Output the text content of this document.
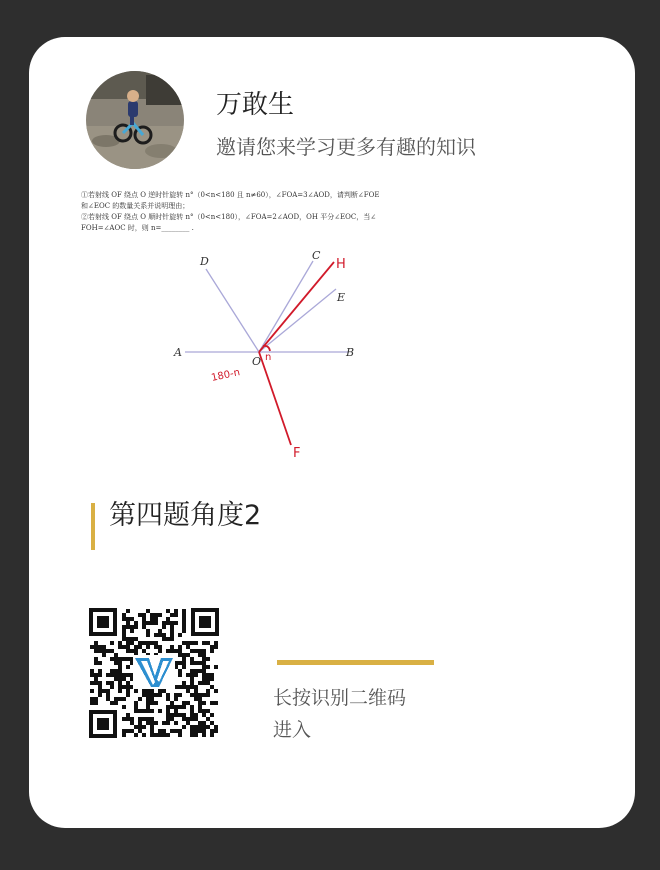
万敢生
邀请您来学习更多有趣的知识
①若射线 OF 绕点 O 逆时针旋转 n°（0<n<180 且 n≠60），∠FOA=3∠AOD，请判断∠FOE
和∠EOC 的数量关系并说明理由；
②若射线 OF 绕点 O 顺时针旋转 n°（0<n<180），∠FOA=2∠AOD，OH 平分∠EOC，当∠
FOH=∠AOC 时，则 n=________ .
D	C
E
A
O
B
H
F
n
180-n
第四题角度2
长按识别二维码
进入
